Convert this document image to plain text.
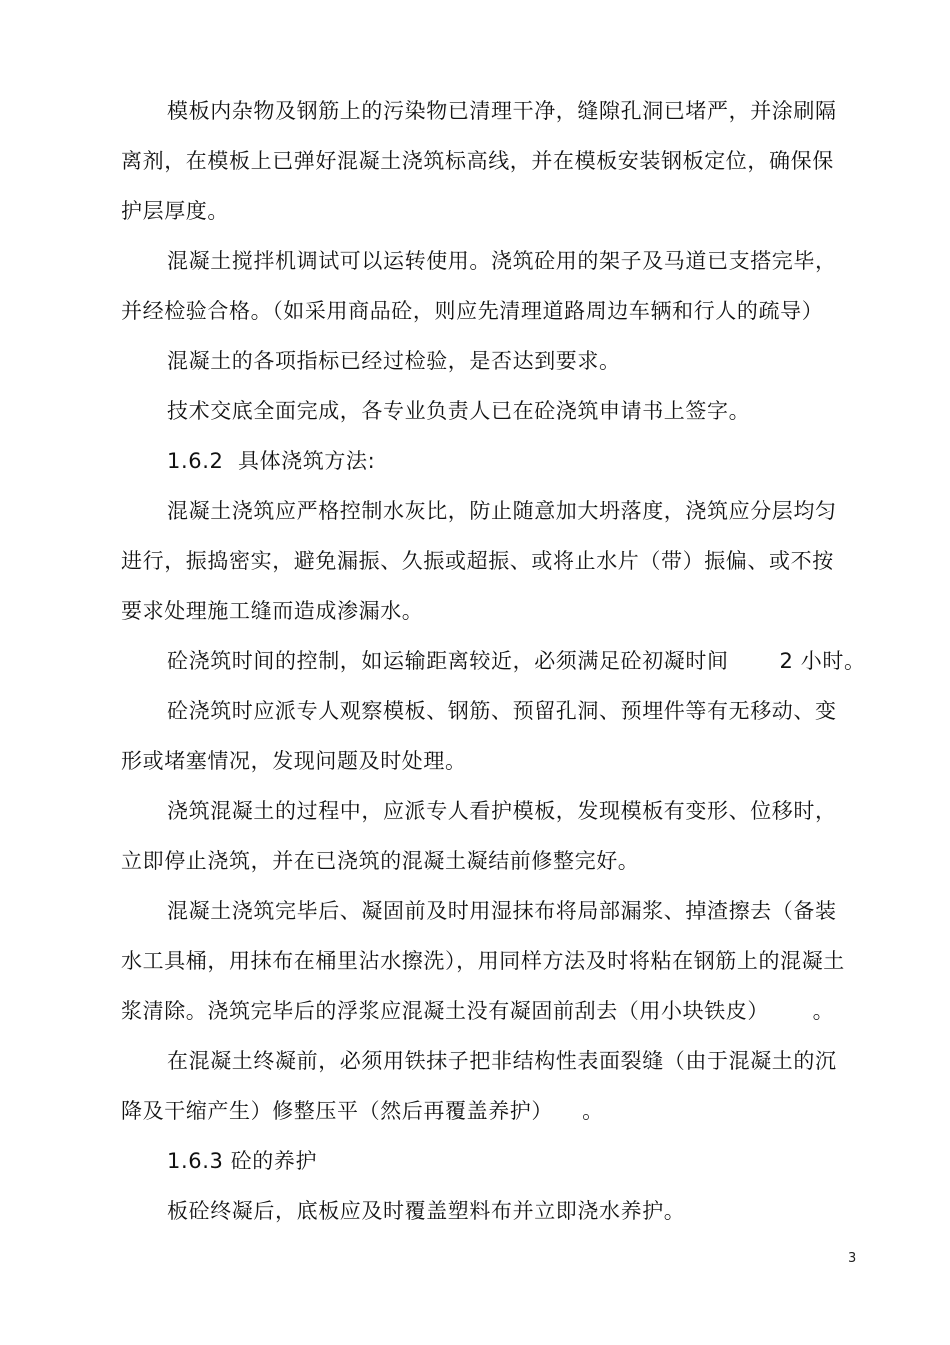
模板内杂物及钢筋上的污染物已清理干净，缝隙孔洞已堵严，并涂刷隔
离剂，在模板上已弹好混凝土浇筑标高线，并在模板安装钢板定位，确保保
护层厚度。
混凝土搅拌机调试可以运转使用。浇筑砼用的架子及马道已支搭完毕，
并经检验合格。（如采用商品砼，则应先清理道路周边车辆和行人的疏导）
混凝土的各项指标已经过检验，是否达到要求。
技术交底全面完成，各专业负责人已在砼浇筑申请书上签字。
1.6.2  具体浇筑方法:
混凝土浇筑应严格控制水灰比，防止随意加大坍落度，浇筑应分层均匀
进行，振捣密实，避免漏振、久振或超振、或将止水片（带）振偏、或不按
要求处理施工缝而造成渗漏水。
砼浇筑时间的控制，如运输距离较近，必须满足砼初凝时间       2 小时。
砼浇筑时应派专人观察模板、钢筋、预留孔洞、预埋件等有无移动、变
形或堵塞情况，发现问题及时处理。
浇筑混凝土的过程中，应派专人看护模板，发现模板有变形、位移时，
立即停止浇筑，并在已浇筑的混凝土凝结前修整完好。
混凝土浇筑完毕后、凝固前及时用湿抹布将局部漏浆、掉渣擦去（备装
水工具桶，用抹布在桶里沾水擦洗），用同样方法及时将粘在钢筋上的混凝土
浆清除。浇筑完毕后的浮浆应混凝土没有凝固前刮去（用小块铁皮）      。
在混凝土终凝前，必须用铁抹子把非结构性表面裂缝（由于混凝土的沉
降及干缩产生）修整压平（然后再覆盖养护）    。
1.6.3 砼的养护
板砼终凝后，底板应及时覆盖塑料布并立即浇水养护。
3
